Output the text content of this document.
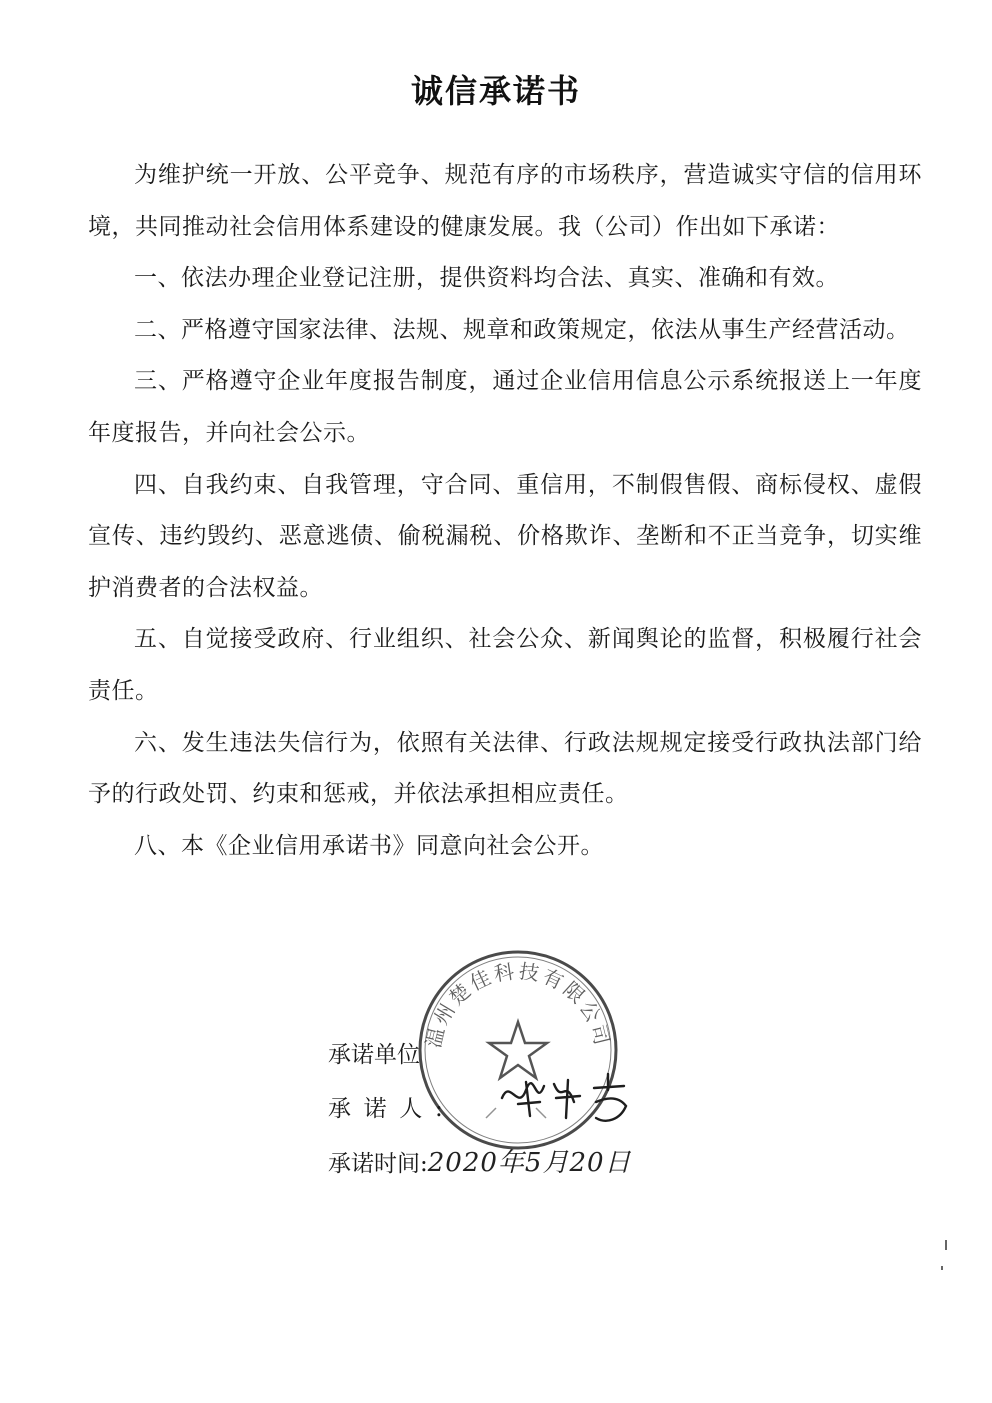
诚信承诺书

为维护统一开放、公平竞争、规范有序的市场秩序，营造诚实守信的信用环境，共同推动社会信用体系建设的健康发展。我（公司）作出如下承诺：

一、依法办理企业登记注册，提供资料均合法、真实、准确和有效。

二、严格遵守国家法律、法规、规章和政策规定，依法从事生产经营活动。

三、严格遵守企业年度报告制度，通过企业信用信息公示系统报送上一年度年度报告，并向社会公示。

四、自我约束、自我管理，守合同、重信用，不制假售假、商标侵权、虚假宣传、违约毁约、恶意逃债、偷税漏税、价格欺诈、垄断和不正当竞争，切实维护消费者的合法权益。

五、自觉接受政府、行业组织、社会公众、新闻舆论的监督，积极履行社会责任。

六、发生违法失信行为，依照有关法律、行政法规规定接受行政执法部门给予的行政处罚、约束和惩戒，并依法承担相应责任。

八、本《企业信用承诺书》同意向社会公开。

温州楚佳科技有限公司
承诺单位
承诺人:
承诺时间: 2020年5月20日
